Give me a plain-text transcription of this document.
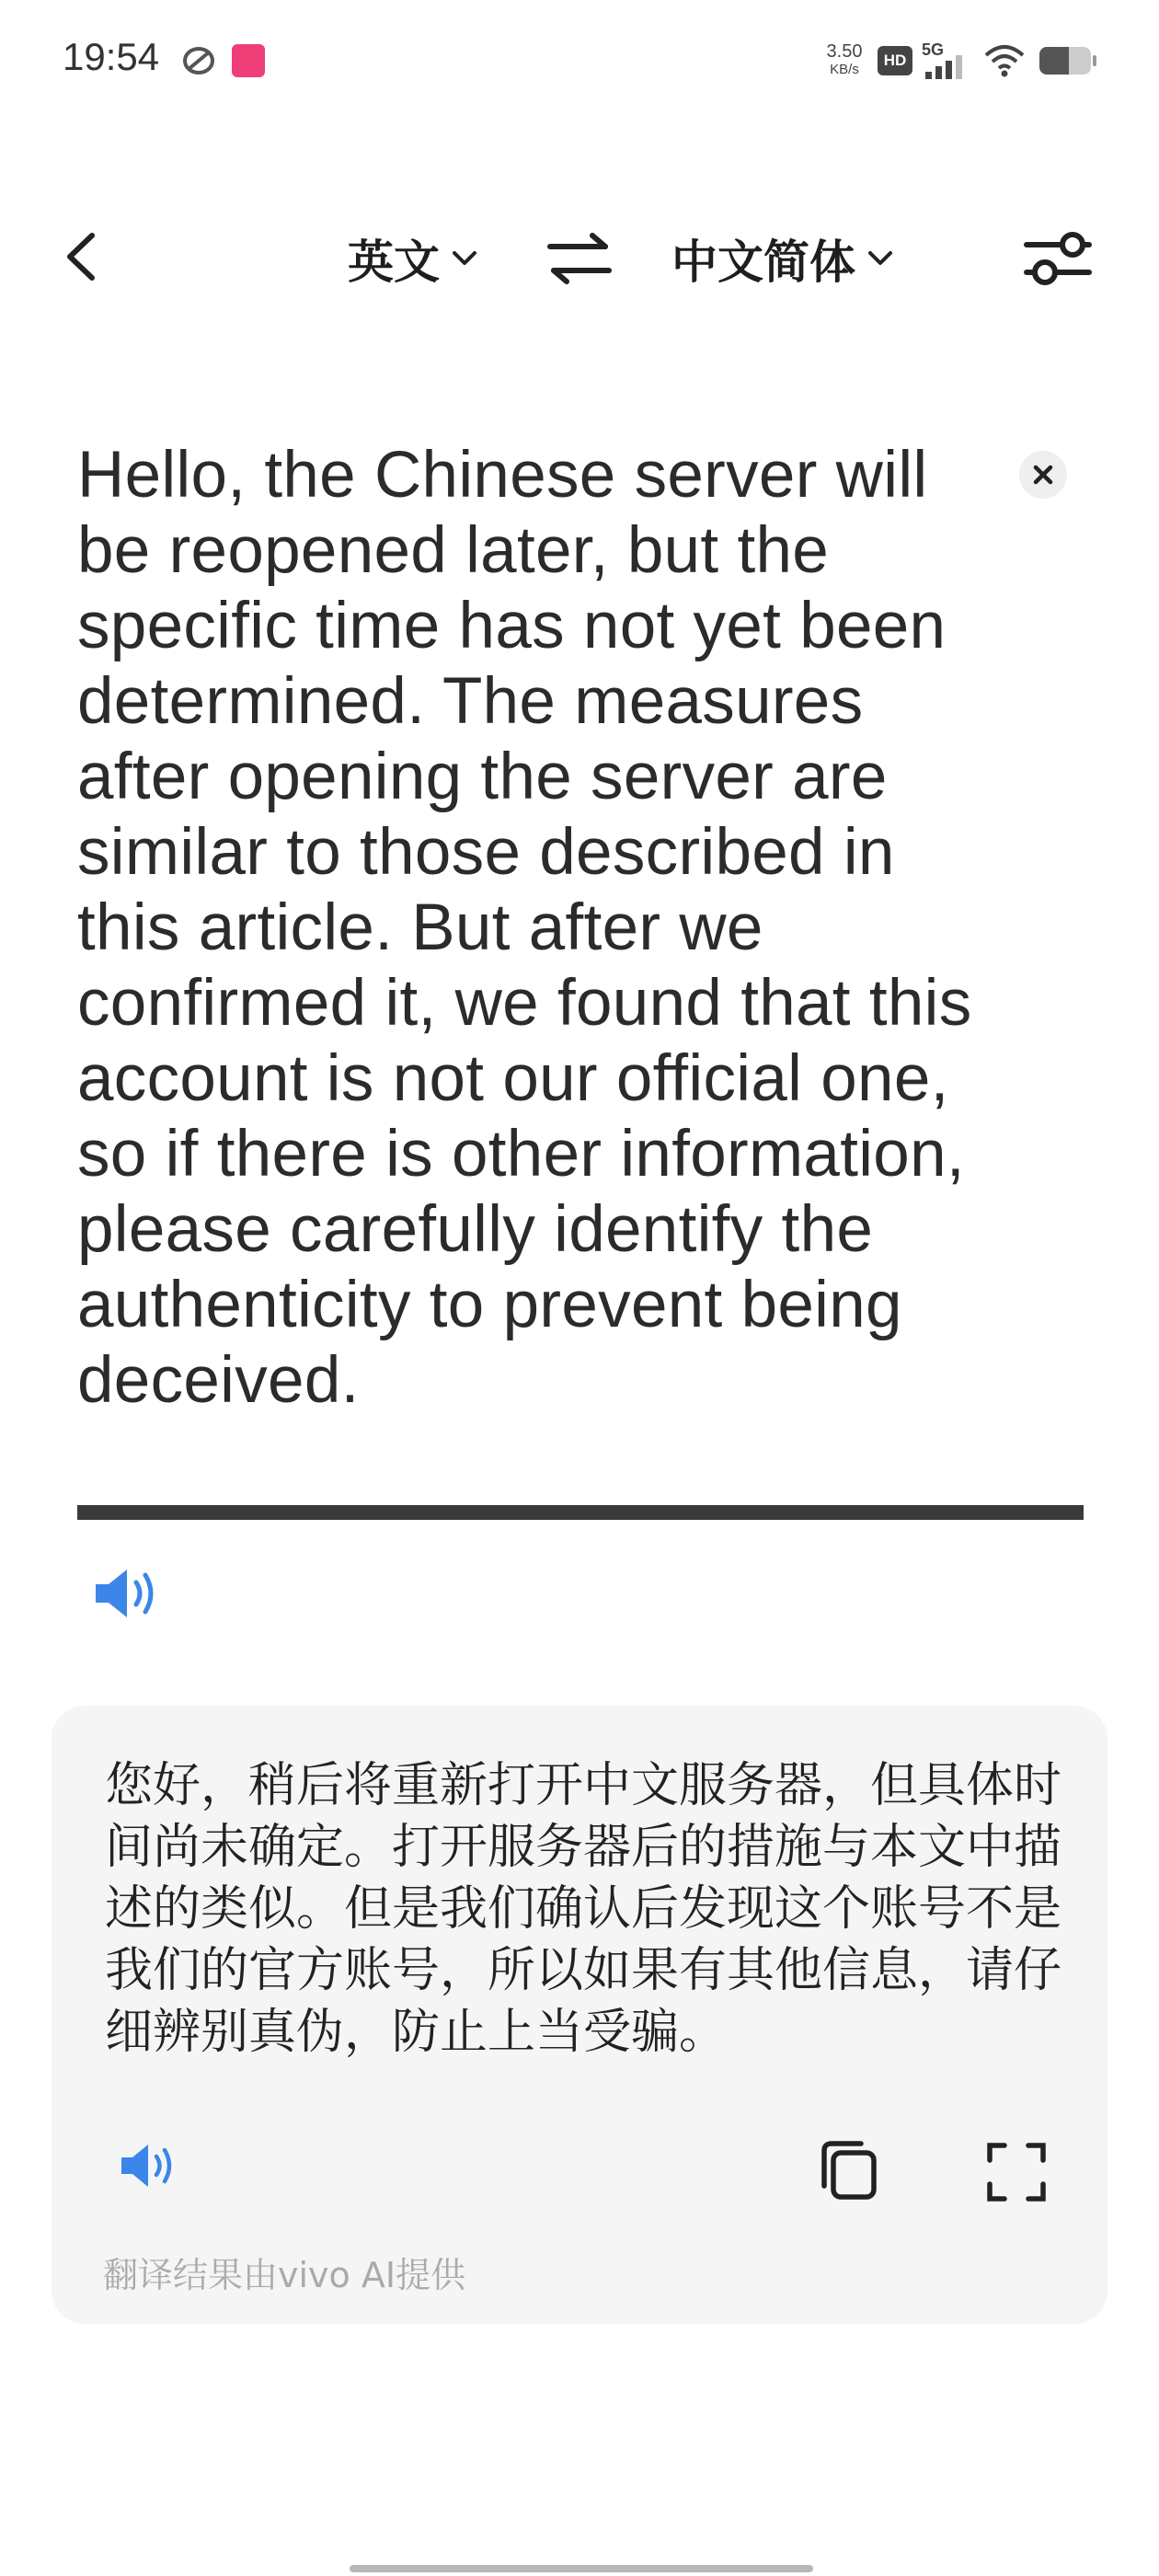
19:54	3.50
KB/s
HD
5G
英文	中文简体
Hello, the Chinese server will be reopened later, but the specific time has not yet been determined. The measures after opening the server are similar to those described in this article. But after we confirmed it, we found that this account is not our official one, so if there is other information, please carefully identify the authenticity to prevent being deceived.
您好，稍后将重新打开中文服务器，但具体时间尚未确定。打开服务器后的措施与本文中描述的类似。但是我们确认后发现这个账号不是我们的官方账号，所以如果有其他信息，请仔细辨别真伪，防止上当受骗。
翻译结果由vivo AI提供
